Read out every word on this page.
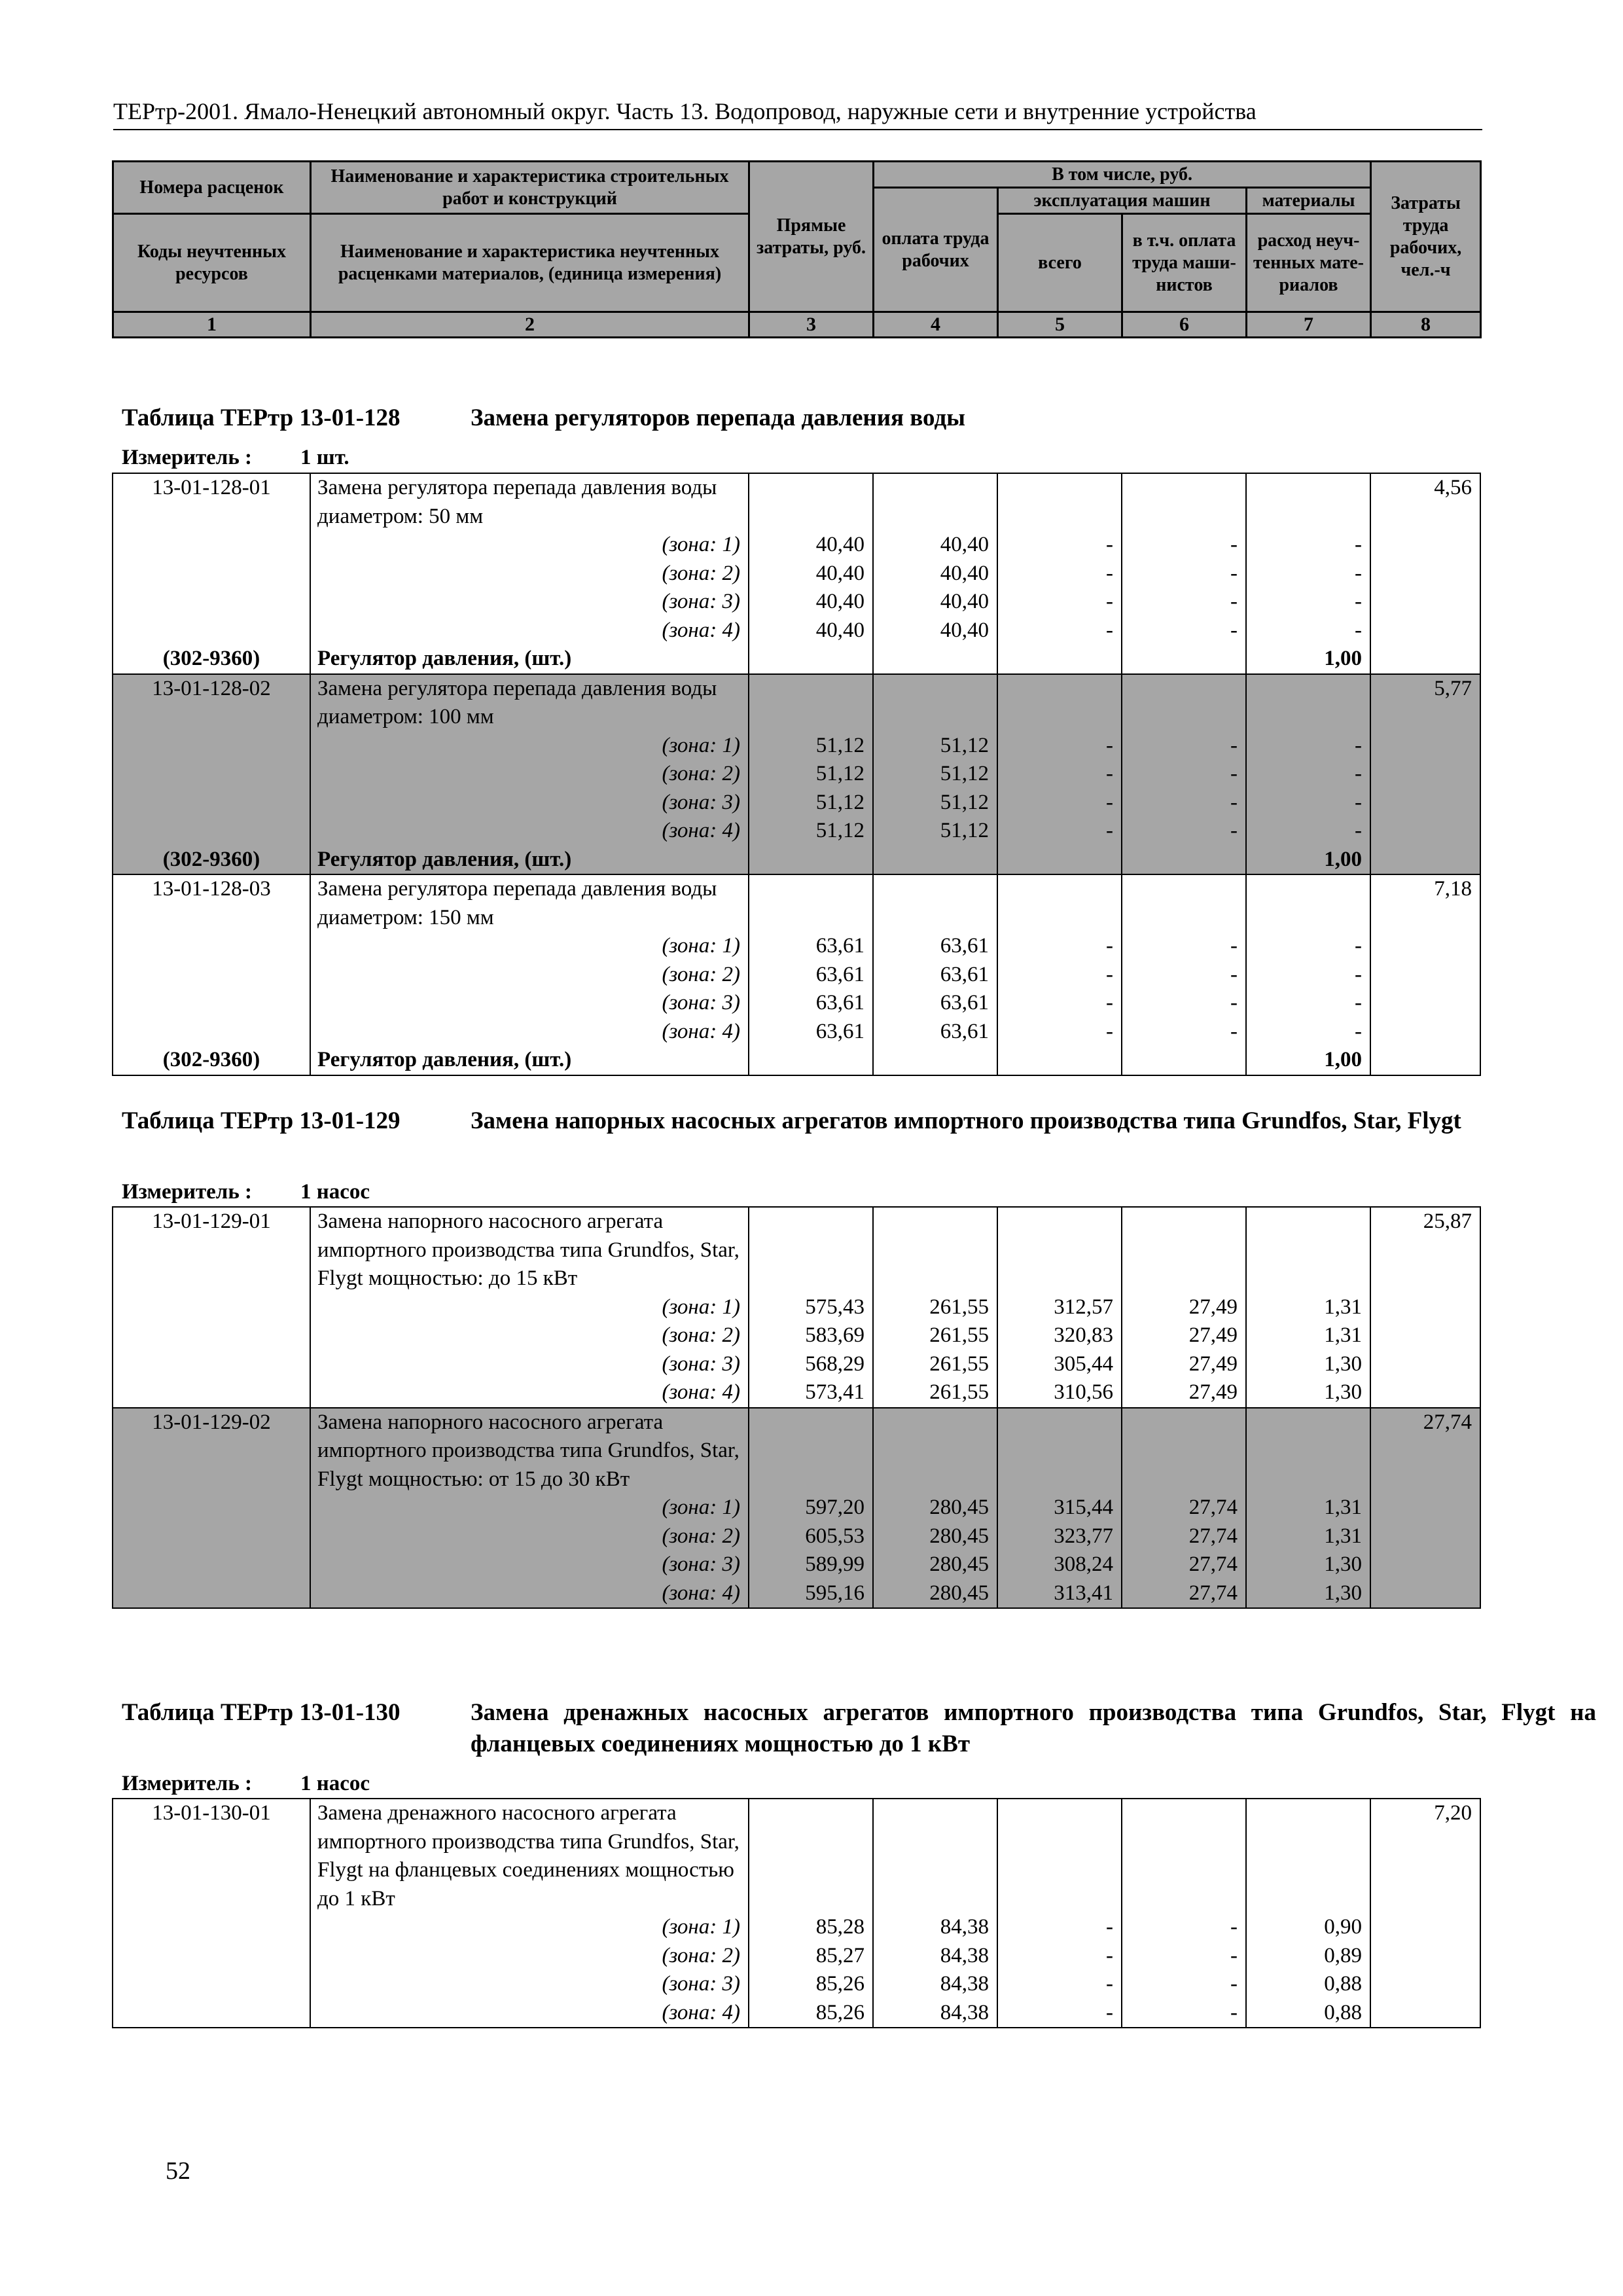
ТЕРтр-2001. Ямало-Ненецкий автономный округ. Часть 13. Водопровод, наружные сети и внутренние устройства
Номера расценок	Наименование и характеристика строительных работ и конструкций	Прямые затраты, руб.	В том числе, руб.				Затраты труда рабочих, чел.-ч
			оплата труда рабочих	эксплуатация машин		материалы	
Коды неучтенных ресурсов	Наименование и характеристика неучтенных расценками материалов, (единица измерения)			всего	в т.ч. оплата труда маши-нистов	расход неуч-тенных мате-риалов	

1	2	3	4	5	6	7	8
Таблица ТЕРтр 13-01-128	Замена регуляторов перепада давления воды
Измеритель : 1 шт.
Таблица ТЕРтр 13-01-129	Замена напорных насосных агрегатов импортного производства типа Grundfos, Star, Flygt
Измеритель : 1 насос
Таблица ТЕРтр 13-01-130	Замена дренажных насосных агрегатов импортного производства типа Grundfos, Star, Flygt на фланцевых соединениях мощностью до 1 кВт
Измеритель : 1 насос
13-01-128-01	Замена регулятора перепада давления воды диаметром: 50 мм						4,56
	(зона: 1)	40,40	40,40	-	-	-	
	(зона: 2)	40,40	40,40	-	-	-	
	(зона: 3)	40,40	40,40	-	-	-	
	(зона: 4)	40,40	40,40	-	-	-	
(302-9360)	Регулятор давления, (шт.)					1,00	
13-01-128-02	Замена регулятора перепада давления воды диаметром: 100 мм						5,77
	(зона: 1)	51,12	51,12	-	-	-	
	(зона: 2)	51,12	51,12	-	-	-	
	(зона: 3)	51,12	51,12	-	-	-	
	(зона: 4)	51,12	51,12	-	-	-	
(302-9360)	Регулятор давления, (шт.)					1,00	
13-01-128-03	Замена регулятора перепада давления воды диаметром: 150 мм						7,18
	(зона: 1)	63,61	63,61	-	-	-	
	(зона: 2)	63,61	63,61	-	-	-	
	(зона: 3)	63,61	63,61	-	-	-	
	(зона: 4)	63,61	63,61	-	-	-	
(302-9360)	Регулятор давления, (шт.)					1,00	
13-01-129-01	Замена напорного насосного агрегата импортного производства типа Grundfos, Star, Flygt мощностью: до 15 кВт						25,87
	(зона: 1)	575,43	261,55	312,57	27,49	1,31	
	(зона: 2)	583,69	261,55	320,83	27,49	1,31	
	(зона: 3)	568,29	261,55	305,44	27,49	1,30	
	(зона: 4)	573,41	261,55	310,56	27,49	1,30	
13-01-129-02	Замена напорного насосного агрегата импортного производства типа Grundfos, Star, Flygt мощностью: от 15 до 30 кВт						27,74
	(зона: 1)	597,20	280,45	315,44	27,74	1,31	
	(зона: 2)	605,53	280,45	323,77	27,74	1,31	
	(зона: 3)	589,99	280,45	308,24	27,74	1,30	
	(зона: 4)	595,16	280,45	313,41	27,74	1,30	
13-01-130-01	Замена дренажного насосного агрегата импортного производства типа Grundfos, Star, Flygt на фланцевых соединениях мощностью до 1 кВт						7,20
	(зона: 1)	85,28	84,38	-	-	0,90	
	(зона: 2)	85,27	84,38	-	-	0,89	
	(зона: 3)	85,26	84,38	-	-	0,88	
	(зона: 4)	85,26	84,38	-	-	0,88	
52
